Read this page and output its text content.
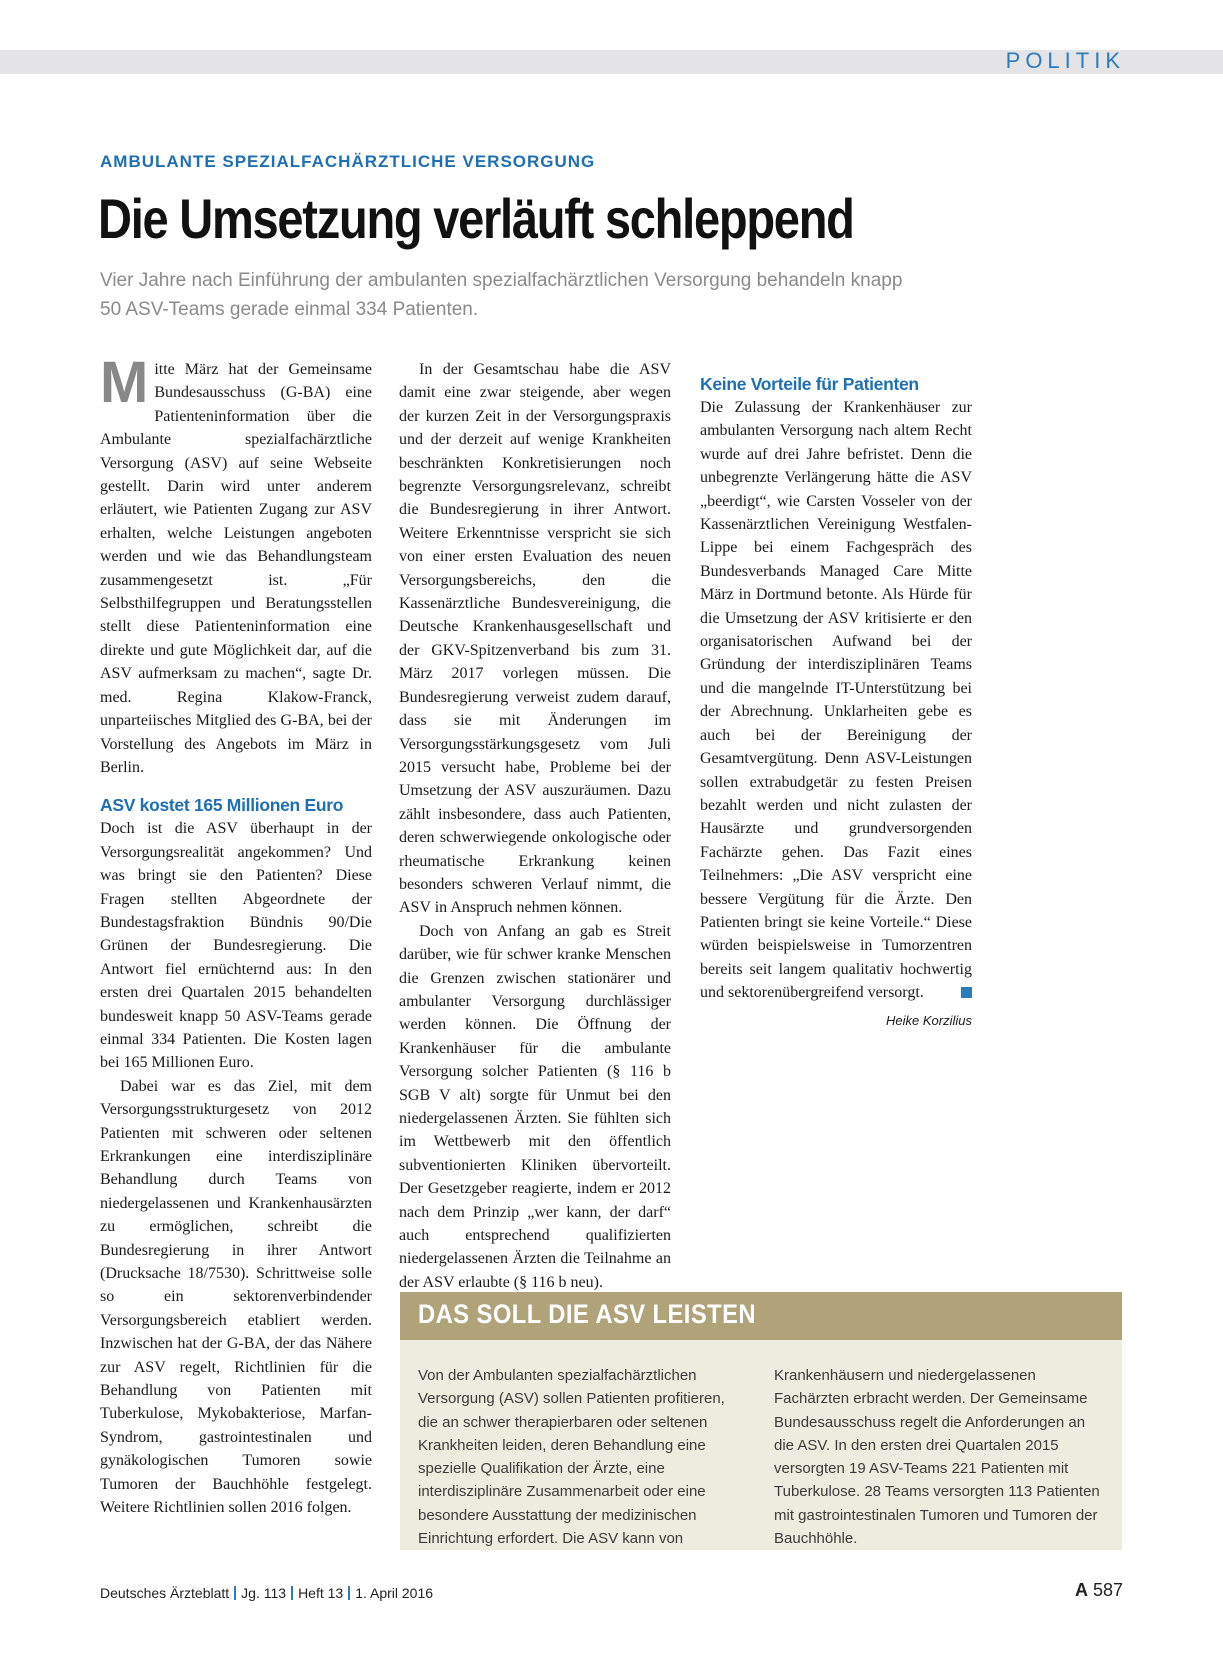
POLITIK
AMBULANTE SPEZIALFACHÄRZTLICHE VERSORGUNG
Die Umsetzung verläuft schleppend
Vier Jahre nach Einführung der ambulanten spezialfachärztlichen Versorgung behandeln knapp 50 ASV-Teams gerade einmal 334 Patienten.

Mitte März hat der Gemeinsame Bundesausschuss (G-BA) eine Patienteninformation über die Ambulante spezialfachärztliche Versorgung (ASV) auf seine Webseite gestellt. Darin wird unter anderem erläutert, wie Patienten Zugang zur ASV erhalten, welche Leistungen angeboten werden und wie das Behandlungsteam zusammengesetzt ist. „Für Selbsthilfegruppen und Beratungsstellen stellt diese Patienteninformation eine direkte und gute Möglichkeit dar, auf die ASV aufmerksam zu machen“, sagte Dr. med. Regina Klakow-Franck, unparteiisches Mitglied des G-BA, bei der Vorstellung des Angebots im März in Berlin.

ASV kostet 165 Millionen Euro

Doch ist die ASV überhaupt in der Versorgungsrealität angekommen? Und was bringt sie den Patienten? Diese Fragen stellten Abgeordnete der Bundestagsfraktion Bündnis 90/Die Grünen der Bundesregierung. Die Antwort fiel ernüchternd aus: In den ersten drei Quartalen 2015 behandelten bundesweit knapp 50 ASV-Teams gerade einmal 334 Patienten. Die Kosten lagen bei 165 Millionen Euro.

Dabei war es das Ziel, mit dem Versorgungsstrukturgesetz von 2012 Patienten mit schweren oder seltenen Erkrankungen eine interdisziplinäre Behandlung durch Teams von niedergelassenen und Krankenhausärzten zu ermöglichen, schreibt die Bundesregierung in ihrer Antwort (Drucksache 18/7530). Schrittweise solle so ein sektorenverbindender Versorgungsbereich etabliert werden. Inzwischen hat der G-BA, der das Nähere zur ASV regelt, Richtlinien für die Behandlung von Patienten mit Tuberkulose, Mykobakteriose, Marfan-Syndrom, gastrointestinalen und gynäkologischen Tumoren sowie Tumoren der Bauchhöhle festgelegt. Weitere Richtlinien sollen 2016 folgen.

In der Gesamtschau habe die ASV damit eine zwar steigende, aber wegen der kurzen Zeit in der Versorgungspraxis und der derzeit auf wenige Krankheiten beschränkten Konkretisierungen noch begrenzte Versorgungsrelevanz, schreibt die Bundesregierung in ihrer Antwort. Weitere Erkenntnisse verspricht sie sich von einer ersten Evaluation des neuen Versorgungsbereichs, den die Kassenärztliche Bundesvereinigung, die Deutsche Krankenhausgesellschaft und der GKV-Spitzenverband bis zum 31. März 2017 vorlegen müssen. Die Bundesregierung verweist zudem darauf, dass sie mit Änderungen im Versorgungsstärkungsgesetz vom Juli 2015 versucht habe, Probleme bei der Umsetzung der ASV auszuräumen. Dazu zählt insbesondere, dass auch Patienten, deren schwerwiegende onkologische oder rheumatische Erkrankung keinen besonders schweren Verlauf nimmt, die ASV in Anspruch nehmen können.

Doch von Anfang an gab es Streit darüber, wie für schwer kranke Menschen die Grenzen zwischen stationärer und ambulanter Versorgung durchlässiger werden können. Die Öffnung der Krankenhäuser für die ambulante Versorgung solcher Patienten (§ 116 b SGB V alt) sorgte für Unmut bei den niedergelassenen Ärzten. Sie fühlten sich im Wettbewerb mit den öffentlich subventionierten Kliniken übervorteilt. Der Gesetzgeber reagierte, indem er 2012 nach dem Prinzip „wer kann, der darf“ auch entsprechend qualifizierten niedergelassenen Ärzten die Teilnahme an der ASV erlaubte (§ 116 b neu).

Keine Vorteile für Patienten

Die Zulassung der Krankenhäuser zur ambulanten Versorgung nach altem Recht wurde auf drei Jahre befristet. Denn die unbegrenzte Verlängerung hätte die ASV „beerdigt“, wie Carsten Vosseler von der Kassenärztlichen Vereinigung Westfalen-Lippe bei einem Fachgespräch des Bundesverbands Managed Care Mitte März in Dortmund betonte. Als Hürde für die Umsetzung der ASV kritisierte er den organisatorischen Aufwand bei der Gründung der interdisziplinären Teams und die mangelnde IT-Unterstützung bei der Abrechnung. Unklarheiten gebe es auch bei der Bereinigung der Gesamtvergütung. Denn ASV-Leistungen sollen extrabudgetär zu festen Preisen bezahlt werden und nicht zulasten der Hausärzte und grundversorgenden Fachärzte gehen. Das Fazit eines Teilnehmers: „Die ASV verspricht eine bessere Vergütung für die Ärzte. Den Patienten bringt sie keine Vorteile.“ Diese würden beispielsweise in Tumorzentren bereits seit langem qualitativ hochwertig und sektorenübergreifend versorgt.

Heike Korzilius
DAS SOLL DIE ASV LEISTEN
Von der Ambulanten spezialfachärztlichen Versorgung (ASV) sollen Patienten profitieren, die an schwer therapierbaren oder seltenen Krankheiten leiden, deren Behandlung eine spezielle Qualifikation der Ärzte, eine interdisziplinäre Zusammenarbeit oder eine besondere Ausstattung der medizinischen Einrichtung erfordert. Die ASV kann von
Krankenhäusern und niedergelassenen Fachärzten erbracht werden. Der Gemeinsame Bundesausschuss regelt die Anforderungen an die ASV. In den ersten drei Quartalen 2015 versorgten 19 ASV-Teams 221 Patienten mit Tuberkulose. 28 Teams versorgten 113 Patienten mit gastrointestinalen Tumoren und Tumoren der Bauchhöhle.
Deutsches Ärzteblatt Jg. 113 Heft 13 1. April 2016	A 587
